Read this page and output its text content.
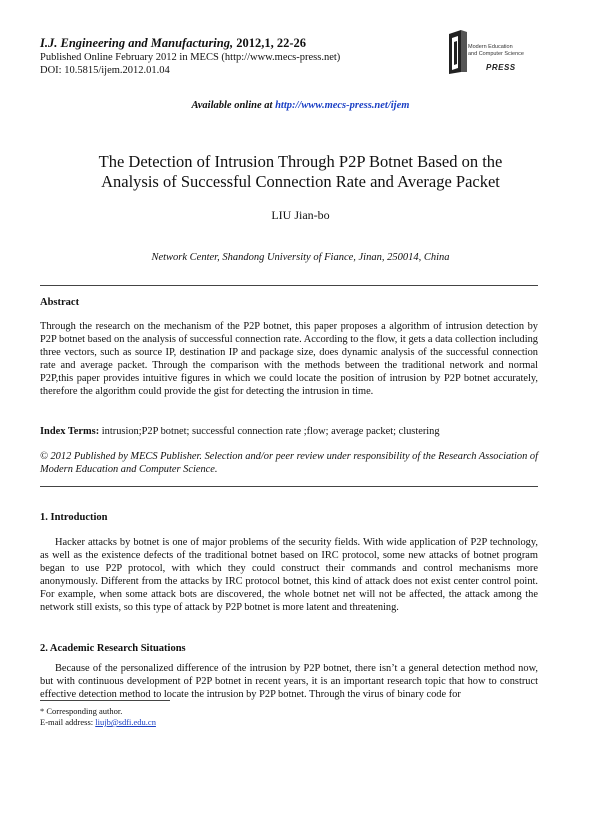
I.J. Engineering and Manufacturing, 2012,1, 22-26
Published Online February 2012 in MECS (http://www.mecs-press.net)
DOI: 10.5815/ijem.2012.01.04
Modern Education
and Computer Science
PRESS
Available online at http://www.mecs-press.net/ijem
The Detection of Intrusion Through P2P Botnet Based on the
Analysis of Successful Connection Rate and Average Packet
LIU Jian-bo
Network Center, Shandong University of Fiance, Jinan, 250014, China
Abstract
Through the research on the mechanism of the P2P botnet, this paper proposes a algorithm of intrusion detection by P2P botnet based on the analysis of successful connection rate. According to the flow, it gets a data collection including three vectors, such as source IP, destination IP and package size, does dynamic analysis of the successful connection rate and average packet. Through the comparison with the methods between the traditional network and normal P2P,this paper provides intuitive figures in which we could locate the position of intrusion by P2P botnet accurately, therefore the algorithm could provide the gist for detecting the intrusion in time.
Index Terms: intrusion;P2P botnet; successful connection rate ;flow; average packet; clustering
© 2012 Published by MECS Publisher. Selection and/or peer review under responsibility of the Research Association of Modern Education and Computer Science.
1. Introduction
Hacker attacks by botnet is one of major problems of the security fields. With wide application of P2P technology, as well as the existence defects of the traditional botnet based on IRC protocol, some new attacks of botnet program began to use P2P protocol, with which they could construct their commands and control mechanisms more anonymously. Different from the attacks by IRC protocol botnet, this kind of attack does not exist center control point. For example, when some attack bots are discovered, the whole botnet net will not be affected, the attack among the network still exists, so this type of attack by P2P botnet is more latent and threatening.
2. Academic Research Situations
Because of the personalized difference of the intrusion by P2P botnet, there isn’t a general detection method now, but with continuous development of P2P botnet in recent years, it is an important research topic that how to construct effective detection method to locate the intrusion by P2P botnet. Through the virus of binary code for
* Corresponding author.
E-mail address: liujb@sdfi.edu.cn
